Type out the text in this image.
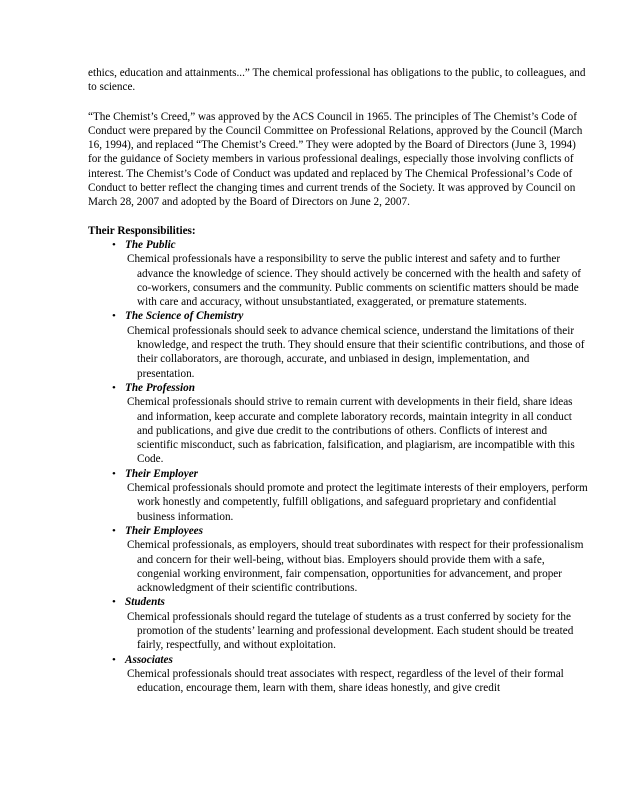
ethics, education and attainments...” The chemical professional has obligations to the public, to colleagues, and to science.

“The Chemist’s Creed,” was approved by the ACS Council in 1965. The principles of The Chemist’s Code of Conduct were prepared by the Council Committee on Professional Relations, approved by the Council (March 16, 1994), and replaced “The Chemist’s Creed.” They were adopted by the Board of Directors (June 3, 1994) for the guidance of Society members in various professional dealings, especially those involving conflicts of interest. The Chemist’s Code of Conduct was updated and replaced by The Chemical Professional’s Code of Conduct to better reflect the changing times and current trends of the Society. It was approved by Council on March 28, 2007 and adopted by the Board of Directors on June 2, 2007.

Their Responsibilities:

• The Public
Chemical professionals have a responsibility to serve the public interest and safety and to further advance the knowledge of science. They should actively be concerned with the health and safety of co-workers, consumers and the community. Public comments on scientific matters should be made with care and accuracy, without unsubstantiated, exaggerated, or premature statements.
• The Science of Chemistry
Chemical professionals should seek to advance chemical science, understand the limitations of their knowledge, and respect the truth. They should ensure that their scientific contributions, and those of their collaborators, are thorough, accurate, and unbiased in design, implementation, and presentation.
• The Profession
Chemical professionals should strive to remain current with developments in their field, share ideas and information, keep accurate and complete laboratory records, maintain integrity in all conduct and publications, and give due credit to the contributions of others. Conflicts of interest and scientific misconduct, such as fabrication, falsification, and plagiarism, are incompatible with this Code.
• Their Employer
Chemical professionals should promote and protect the legitimate interests of their employers, perform work honestly and competently, fulfill obligations, and safeguard proprietary and confidential business information.
• Their Employees
Chemical professionals, as employers, should treat subordinates with respect for their professionalism and concern for their well-being, without bias. Employers should provide them with a safe, congenial working environment, fair compensation, opportunities for advancement, and proper acknowledgment of their scientific contributions.
• Students
Chemical professionals should regard the tutelage of students as a trust conferred by society for the promotion of the students’ learning and professional development. Each student should be treated fairly, respectfully, and without exploitation.
• Associates
Chemical professionals should treat associates with respect, regardless of the level of their formal education, encourage them, learn with them, share ideas honestly, and give credit
